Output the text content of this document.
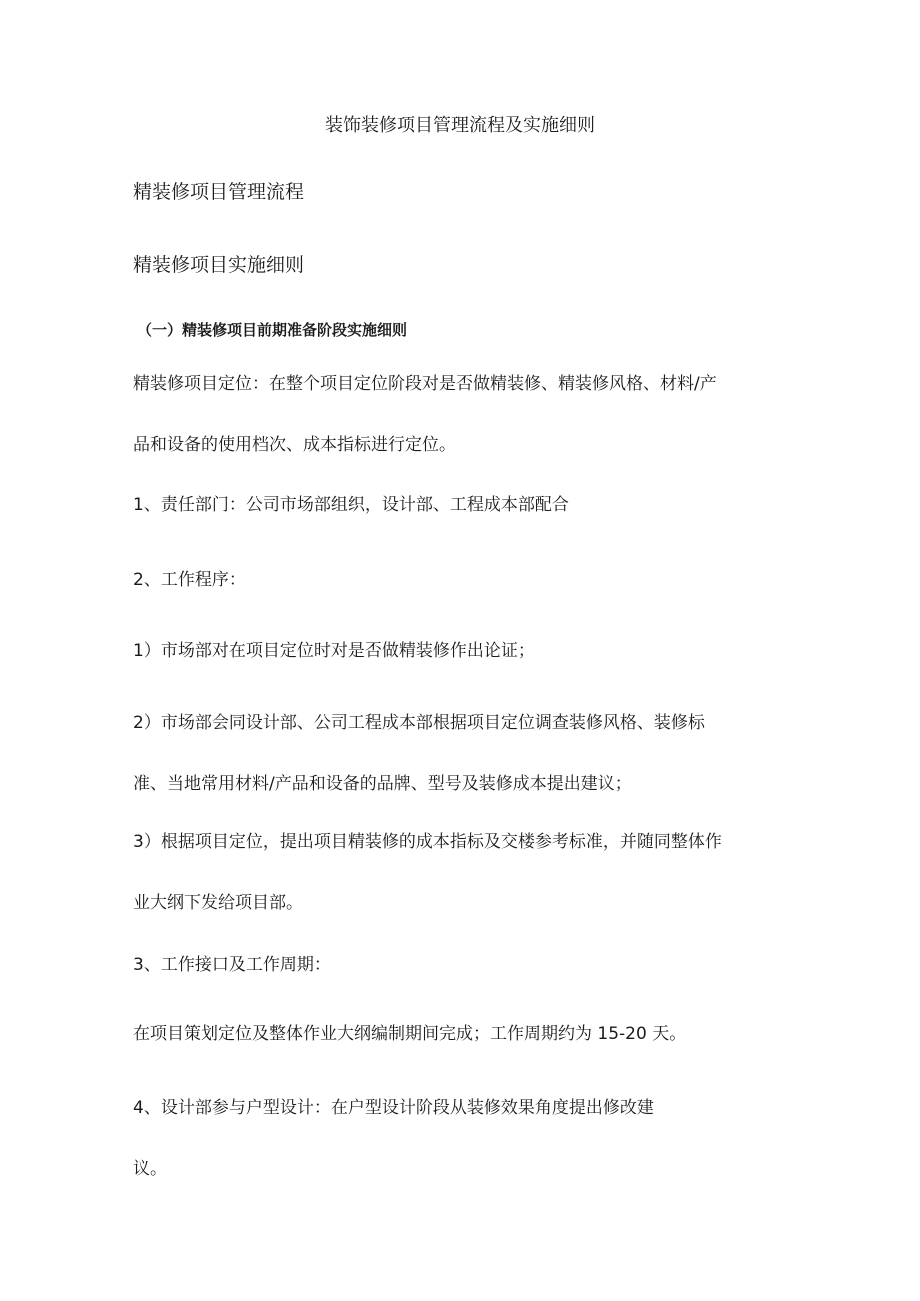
装饰装修项目管理流程及实施细则
精装修项目管理流程
精装修项目实施细则
（一）精装修项目前期准备阶段实施细则
精装修项目定位：在整个项目定位阶段对是否做精装修、精装修风格、材料/产
品和设备的使用档次、成本指标进行定位。
1、责任部门：公司市场部组织，设计部、工程成本部配合
2、工作程序：
1）市场部对在项目定位时对是否做精装修作出论证；
2）市场部会同设计部、公司工程成本部根据项目定位调查装修风格、装修标
准、当地常用材料/产品和设备的品牌、型号及装修成本提出建议；
3）根据项目定位，提出项目精装修的成本指标及交楼参考标准，并随同整体作
业大纲下发给项目部。
3、工作接口及工作周期：
在项目策划定位及整体作业大纲编制期间完成；工作周期约为 15-20 天。
4、设计部参与户型设计：在户型设计阶段从装修效果角度提出修改建
议。
